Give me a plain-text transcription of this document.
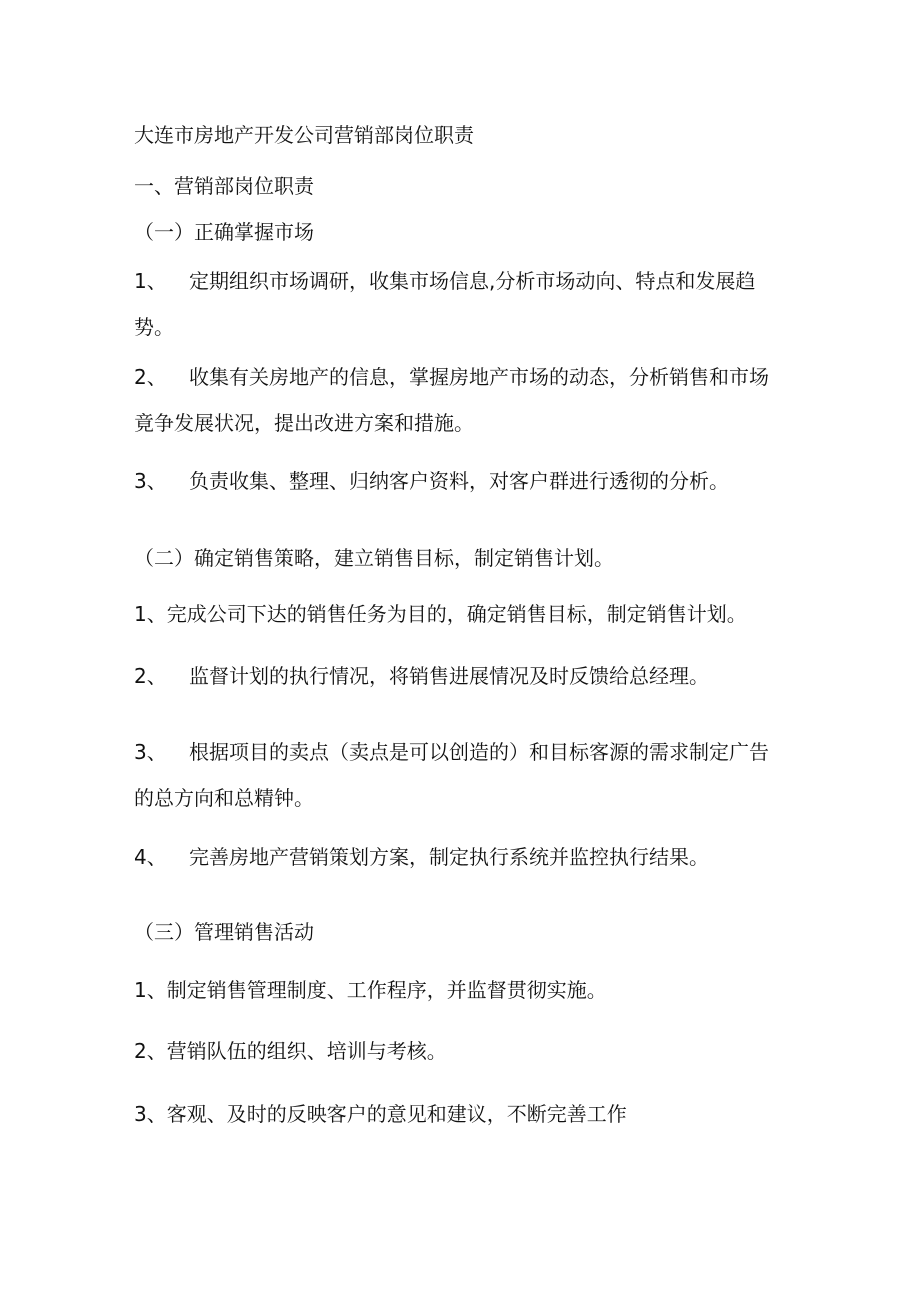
大连市房地产开发公司营销部岗位职责
一、营销部岗位职责
（一）正确掌握市场
1、 定期组织市场调研，收集市场信息,分析市场动向、特点和发展趋
势。
2、 收集有关房地产的信息，掌握房地产市场的动态，分析销售和市场
竟争发展状况，提出改进方案和措施。
3、 负责收集、整理、归纳客户资料，对客户群进行透彻的分析。
（二）确定销售策略，建立销售目标，制定销售计划。
1、完成公司下达的销售任务为目的，确定销售目标，制定销售计划。
2、 监督计划的执行情况，将销售进展情况及时反馈给总经理。
3、 根据项目的卖点（卖点是可以创造的）和目标客源的需求制定广告
的总方向和总精钟。
4、 完善房地产营销策划方案，制定执行系统并监控执行结果。
（三）管理销售活动
1、制定销售管理制度、工作程序，并监督贯彻实施。
2、营销队伍的组织、培训与考核。
3、客观、及时的反映客户的意见和建议，不断完善工作
